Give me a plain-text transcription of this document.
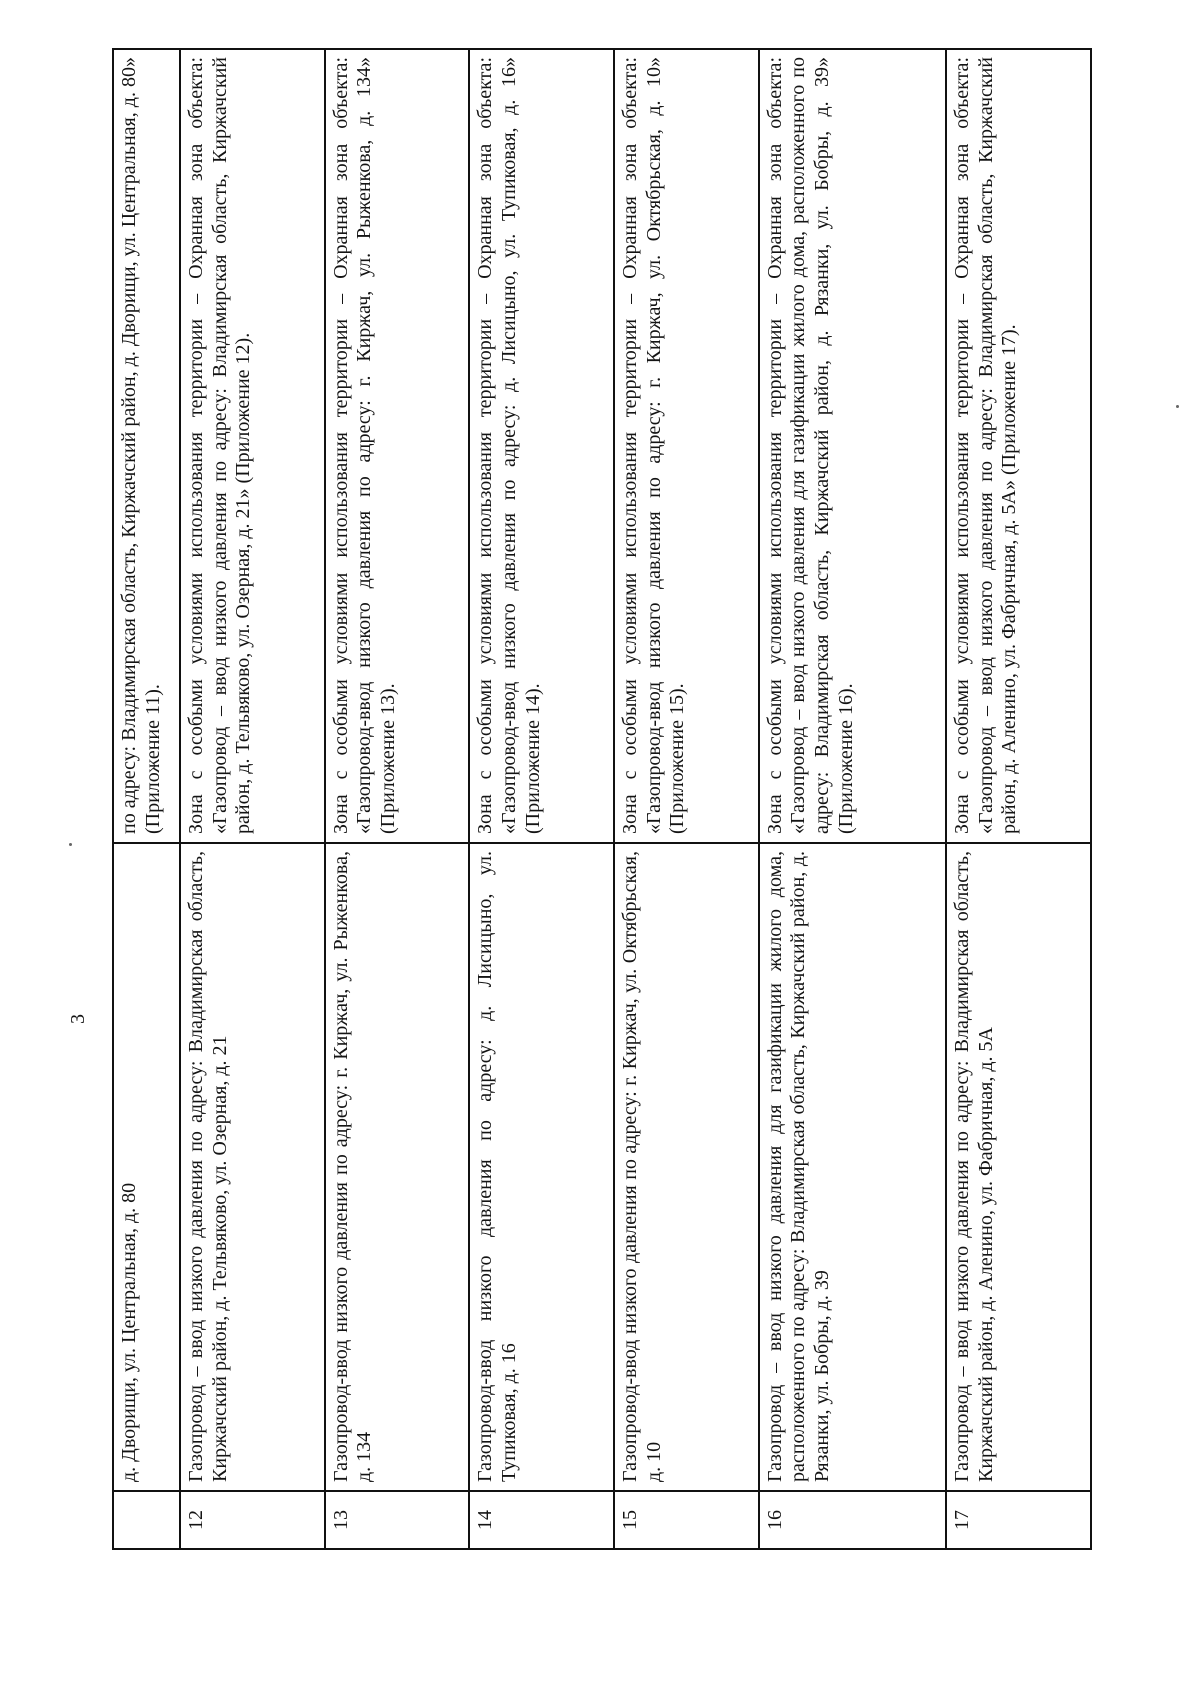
3
	д. Дворищи, ул. Центральная, д. 80	по адресу: Владимирская область, Киржачский район, д. Дворищи, ул. Центральная, д. 80» (Приложение 11).
12	Газопровод – ввод низкого давления по адресу: Владимирская область, Киржачский район, д. Тельвяково, ул. Озерная, д. 21	Зона с особыми условиями использования территории – Охранная зона объекта: «Газопровод – ввод низкого давления по адресу: Владимирская область, Киржачский район, д. Тельвяково, ул. Озерная, д. 21» (Приложение 12).
13	Газопровод-ввод низкого давления по адресу: г. Киржач, ул. Рыженкова, д. 134	Зона с особыми условиями использования территории – Охранная зона объекта: «Газопровод-ввод низкого давления по адресу: г. Киржач, ул. Рыженкова, д. 134» (Приложение 13).
14	Газопровод-ввод низкого давления по адресу: д. Лисицыно, ул. Тупиковая, д. 16	Зона с особыми условиями использования территории – Охранная зона объекта: «Газопровод-ввод низкого давления по адресу: д. Лисицыно, ул. Тупиковая, д. 16» (Приложение 14).
15	Газопровод-ввод низкого давления по адресу: г. Киржач, ул. Октябрьская, д. 10	Зона с особыми условиями использования территории – Охранная зона объекта: «Газопровод-ввод низкого давления по адресу: г. Киржач, ул. Октябрьская, д. 10» (Приложение 15).
16	Газопровод – ввод низкого давления для газификации жилого дома, расположенного по адресу: Владимирская область, Киржачский район, д. Рязанки, ул. Бобры, д. 39	Зона с особыми условиями использования территории – Охранная зона объекта: «Газопровод – ввод низкого давления для газификации жилого дома, расположенного по адресу: Владимирская область, Киржачский район, д. Рязанки, ул. Бобры, д. 39» (Приложение 16).
17	Газопровод – ввод низкого давления по адресу: Владимирская область, Киржачский район, д. Аленино, ул. Фабричная, д. 5А	Зона с особыми условиями использования территории – Охранная зона объекта: «Газопровод – ввод низкого давления по адресу: Владимирская область, Киржачский район, д. Аленино, ул. Фабричная, д. 5А» (Приложение 17).
